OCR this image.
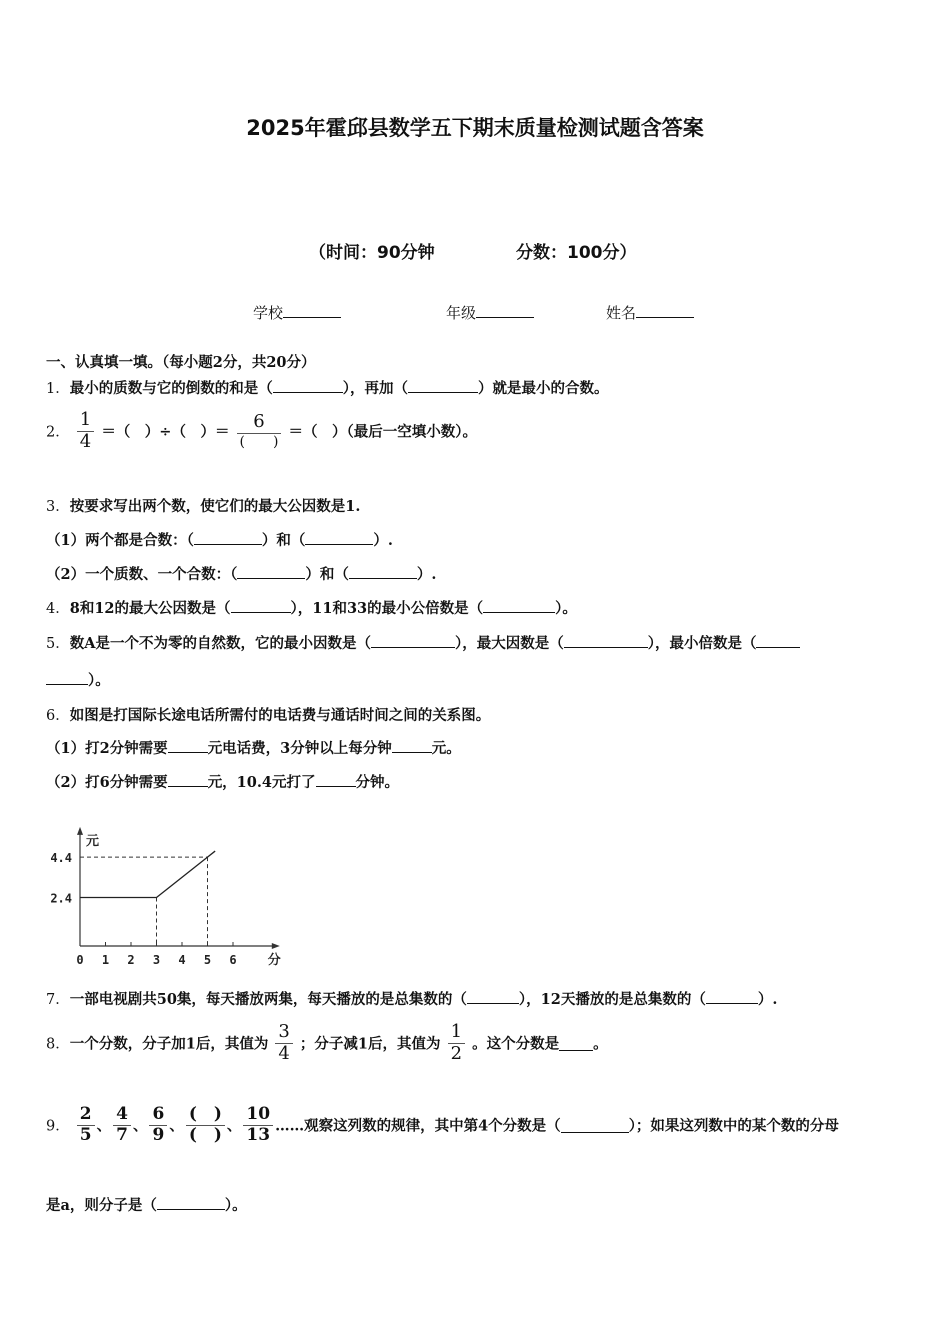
2025年霍邱县数学五下期末质量检测试题含答案
（时间：90分钟	分数：100分）
学校	年级	姓名
一、认真填一填。（每小题2分，共20分）
1．最小的质数与它的倒数的和是（	），再加（	）就是最小的合数。
2． $\frac{1}{4}$ ＝（　）÷（　）＝ $\frac{6}{( )}$ ＝（　）（最后一空填小数）。
3．按要求写出两个数，使它们的最大公因数是1.
（1）两个都是合数：（	）和（	）.
（2）一个质数、一个合数：（	）和（	）.
4．8和12的最大公因数是（	），11和33的最小公倍数是（	）。
5．数A是一个不为零的自然数，它的最小因数是（	），最大因数是（	），最小倍数是（
）。
6．如图是打国际长途电话所需付的电话费与通话时间之间的关系图。
（1）打2分钟需要	元电话费，3分钟以上每分钟	元。
（2）打6分钟需要	元，10.4元打了	分钟。
0 1 2 3 4 5 6 分
2.4
4.4
元
7．一部电视剧共50集，每天播放两集，每天播放的是总集数的（	），12天播放的是总集数的（	）.
8．一个分数，分子加1后，其值为 $\frac{3}{4}$ ；分子减1后，其值为 $\frac{1}{2}$ 。这个分数是 。
9． $\frac{2}{5}$ 、 $\frac{4}{7}$ 、 $\frac{6}{9}$ 、 $\frac{( )}{( )}$ 、 $\frac{10}{13}$ ……观察这列数的规律，其中第4个分数是（	）；如果这列数中的某个数的分母
是a，则分子是（	）。
